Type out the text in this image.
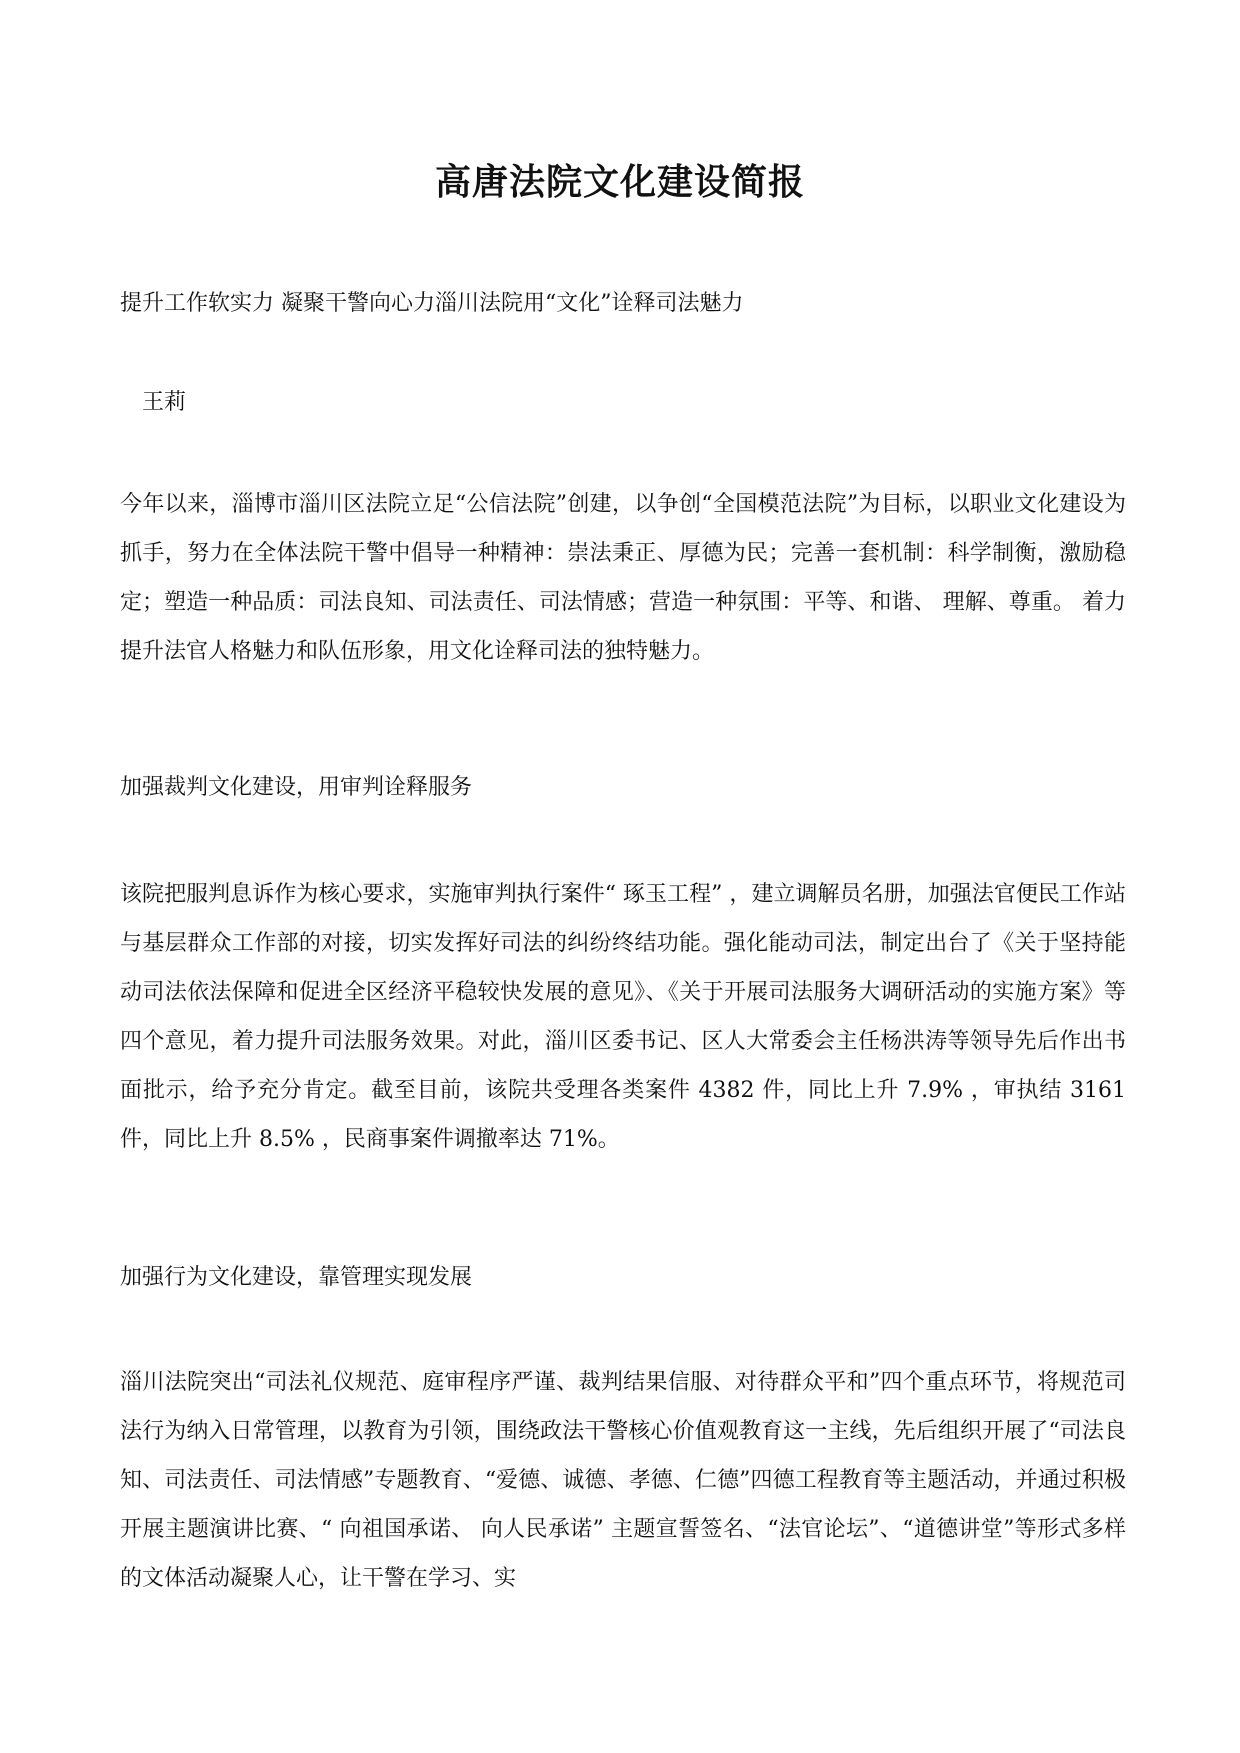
高唐法院文化建设简报

提升工作软实力 凝聚干警向心力淄川法院用“文化”诠释司法魅力

王莉

今年以来，淄博市淄川区法院立足“公信法院”创建，以争创“全国模范法院”为目标，以职业文化建设为抓手，努力在全体法院干警中倡导一种精神：崇法秉正、厚德为民；完善一套机制：科学制衡，激励稳定；塑造一种品质：司法良知、司法责任、司法情感；营造一种氛围：平等、和谐、 理解、尊重。 着力提升法官人格魅力和队伍形象，用文化诠释司法的独特魅力。

加强裁判文化建设，用审判诠释服务

该院把服判息诉作为核心要求，实施审判执行案件“ 琢玉工程” ，建立调解员名册，加强法官便民工作站与基层群众工作部的对接，切实发挥好司法的纠纷终结功能。强化能动司法，制定出台了《关于坚持能动司法依法保障和促进全区经济平稳较快发展的意见》、《关于开展司法服务大调研活动的实施方案》等四个意见，着力提升司法服务效果。对此，淄川区委书记、区人大常委会主任杨洪涛等领导先后作出书面批示，给予充分肯定。截至目前，该院共受理各类案件 4382 件，同比上升 7.9% ，审执结 3161 件，同比上升 8.5% ，民商事案件调撤率达 71%。

加强行为文化建设，靠管理实现发展

淄川法院突出“司法礼仪规范、庭审程序严谨、裁判结果信服、对待群众平和”四个重点环节，将规范司法行为纳入日常管理，以教育为引领，围绕政法干警核心价值观教育这一主线，先后组织开展了“司法良知、司法责任、司法情感”专题教育、“爱德、诚德、孝德、仁德”四德工程教育等主题活动，并通过积极开展主题演讲比赛、“ 向祖国承诺、 向人民承诺” 主题宣誓签名、“法官论坛”、“道德讲堂”等形式多样的文体活动凝聚人心，让干警在学习、实
